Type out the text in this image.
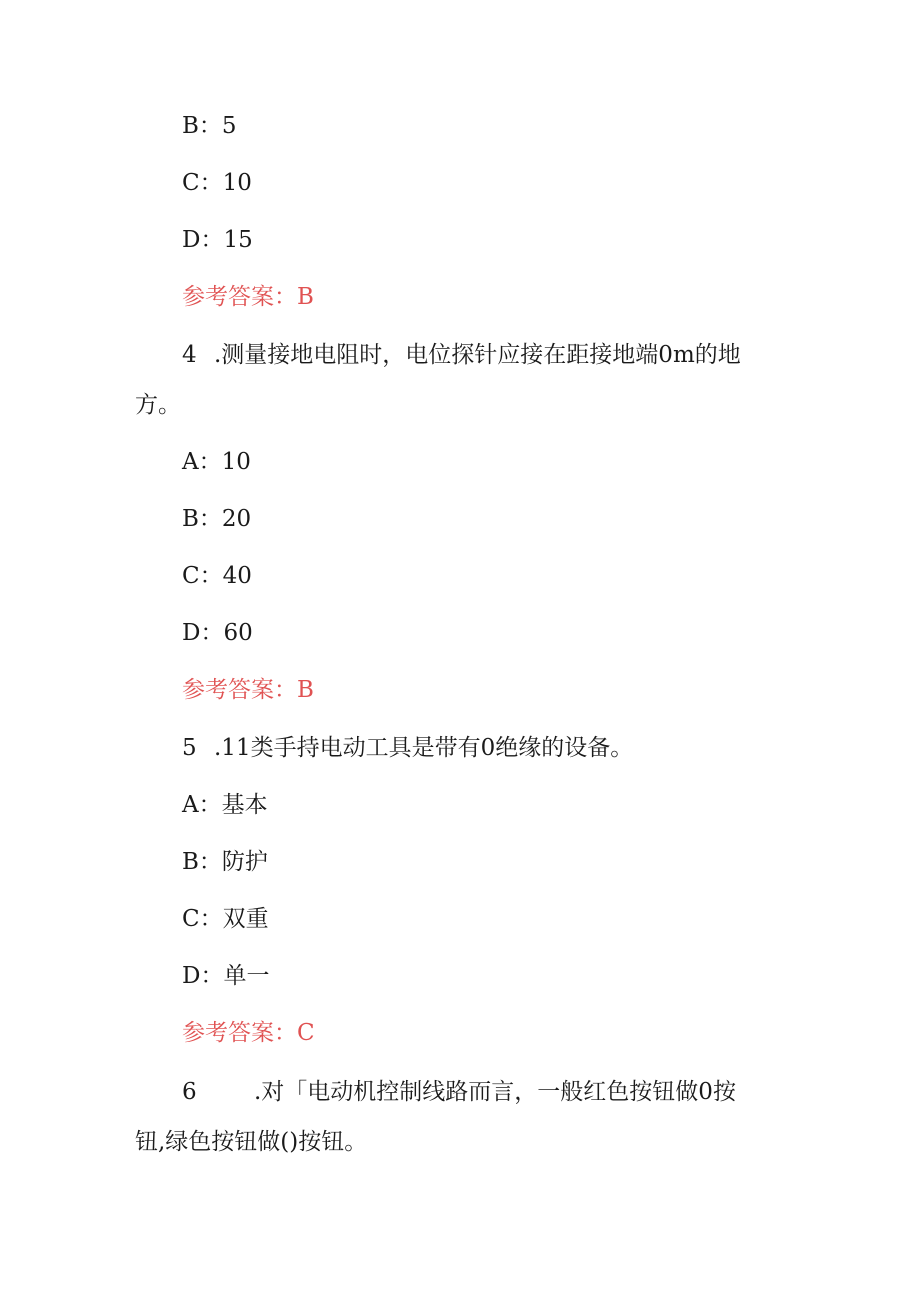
B：5
C：10
D：15
参考答案：B
4 .测量接地电阻时，电位探针应接在距接地端0m的地
方。
A：10
B：20
C：40
D：60
参考答案：B
5 .11类手持电动工具是带有0绝缘的设备。
A：基本
B：防护
C：双重
D：单一
参考答案：C
6 .对「电动机控制线路而言，一般红色按钮做0按
钮,绿色按钮做()按钮。
